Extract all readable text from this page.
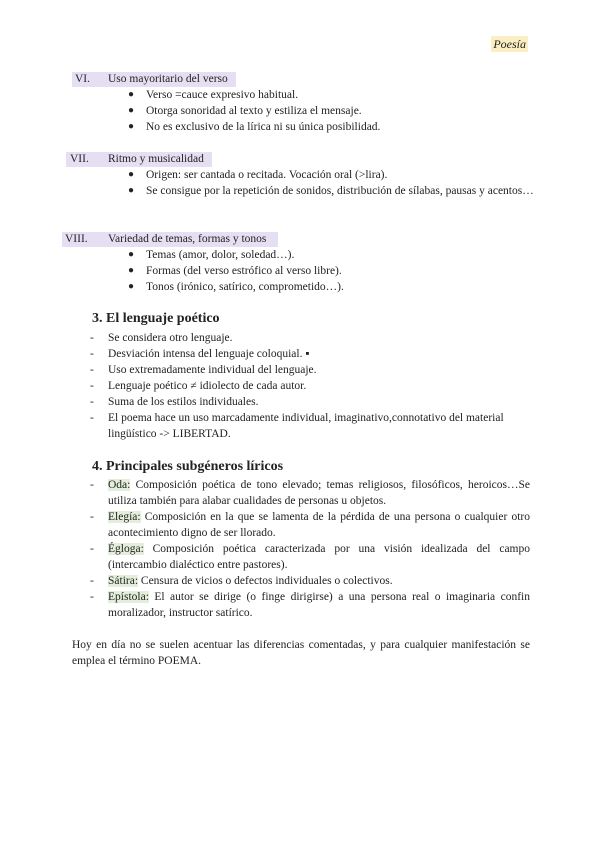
Poesía
VI. Uso mayoritario del verso
● Verso =cauce expresivo habitual.
● Otorga sonoridad al texto y estiliza el mensaje.
● No es exclusivo de la lírica ni su única posibilidad.
VII. Ritmo y musicalidad
● Origen: ser cantada o recitada. Vocación oral (>lira).
● Se consigue por la repetición de sonidos, distribución de sílabas, pausas y acentos…
VIII. Variedad de temas, formas y tonos
● Temas (amor, dolor, soledad…).
● Formas (del verso estrófico al verso libre).
● Tonos (irónico, satírico, comprometido…).
3. El lenguaje poético
- Se considera otro lenguaje.
- Desviación intensa del lenguaje coloquial. ▪
- Uso extremadamente individual del lenguaje.
- Lenguaje poético ≠ idiolecto de cada autor.
- Suma de los estilos individuales.
- El poema hace un uso marcadamente individual, imaginativo,connotativo del material lingüístico -> LIBERTAD.
4. Principales subgéneros líricos
- Oda: Composición poética de tono elevado; temas religiosos, filosóficos, heroicos…Se utiliza también para alabar cualidades de personas u objetos.
- Elegía: Composición en la que se lamenta de la pérdida de una persona o cualquier otro acontecimiento digno de ser llorado.
- Égloga: Composición poética caracterizada por una visión idealizada del campo (intercambio dialéctico entre pastores).
- Sátira: Censura de vicios o defectos individuales o colectivos.
- Epístola: El autor se dirige (o finge dirigirse) a una persona real o imaginaria confin moralizador, instructor satírico.
Hoy en día no se suelen acentuar las diferencias comentadas, y para cualquier manifestación se emplea el término POEMA.
